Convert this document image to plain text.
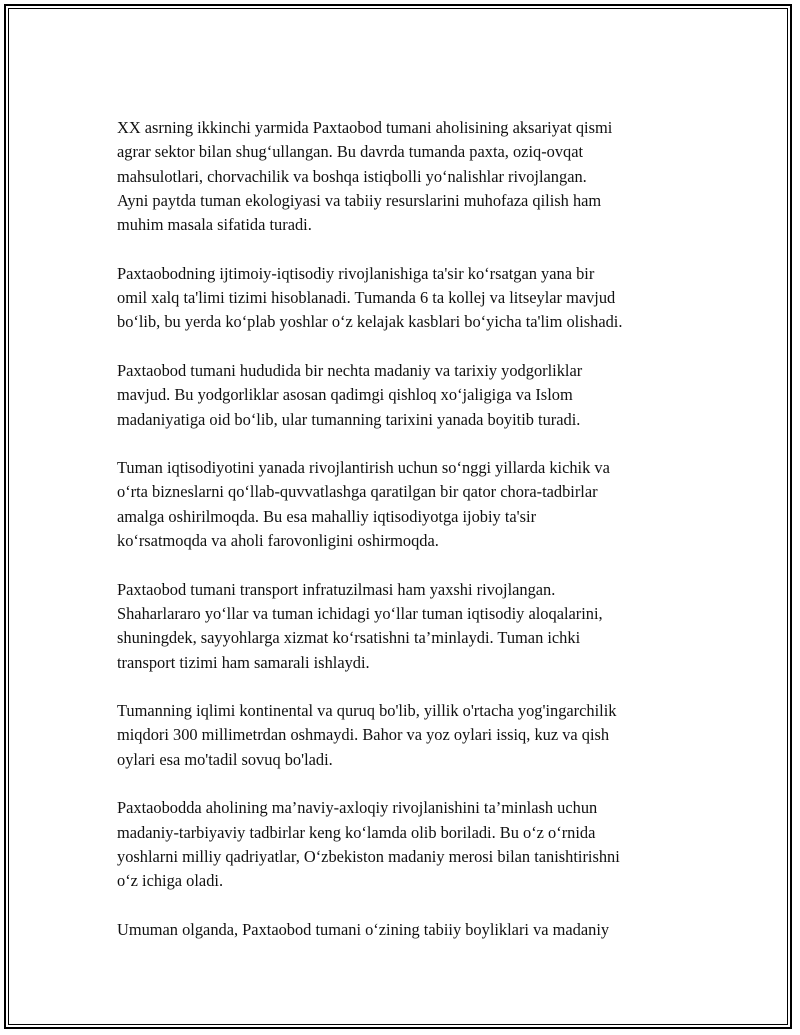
XX asrning ikkinchi yarmida Paxtaobod tumani aholisining aksariyat qismi
agrar sektor bilan shugʻullangan. Bu davrda tumanda paxta, oziq-ovqat
mahsulotlari, chorvachilik va boshqa istiqbolli yoʻnalishlar rivojlangan.
Ayni paytda tuman ekologiyasi va tabiiy resurslarini muhofaza qilish ham
muhim masala sifatida turadi.

Paxtaobodning ijtimoiy-iqtisodiy rivojlanishiga ta'sir koʻrsatgan yana bir
omil xalq ta'limi tizimi hisoblanadi. Tumanda 6 ta kollej va litseylar mavjud
boʻlib, bu yerda koʻplab yoshlar oʻz kelajak kasblari boʻyicha ta'lim olishadi.

Paxtaobod tumani hududida bir nechta madaniy va tarixiy yodgorliklar
mavjud. Bu yodgorliklar asosan qadimgi qishloq xoʻjaligiga va Islom
madaniyatiga oid boʻlib, ular tumanning tarixini yanada boyitib turadi.

Tuman iqtisodiyotini yanada rivojlantirish uchun soʻnggi yillarda kichik va
oʻrta bizneslarni qoʻllab-quvvatlashga qaratilgan bir qator chora-tadbirlar
amalga oshirilmoqda. Bu esa mahalliy iqtisodiyotga ijobiy ta'sir
koʻrsatmoqda va aholi farovonligini oshirmoqda.

Paxtaobod tumani transport infratuzilmasi ham yaxshi rivojlangan.
Shaharlararo yoʻllar va tuman ichidagi yoʻllar tuman iqtisodiy aloqalarini,
shuningdek, sayyohlarga xizmat koʻrsatishni ta’minlaydi. Tuman ichki
transport tizimi ham samarali ishlaydi.

Tumanning iqlimi kontinental va quruq bo'lib, yillik o'rtacha yog'ingarchilik
miqdori 300 millimetrdan oshmaydi. Bahor va yoz oylari issiq, kuz va qish
oylari esa mo'tadil sovuq bo'ladi.

Paxtaobodda aholining ma’naviy-axloqiy rivojlanishini ta’minlash uchun
madaniy-tarbiyaviy tadbirlar keng koʻlamda olib boriladi. Bu oʻz oʻrnida
yoshlarni milliy qadriyatlar, Oʻzbekiston madaniy merosi bilan tanishtirishni
oʻz ichiga oladi.

Umuman olganda, Paxtaobod tumani oʻzining tabiiy boyliklari va madaniy
